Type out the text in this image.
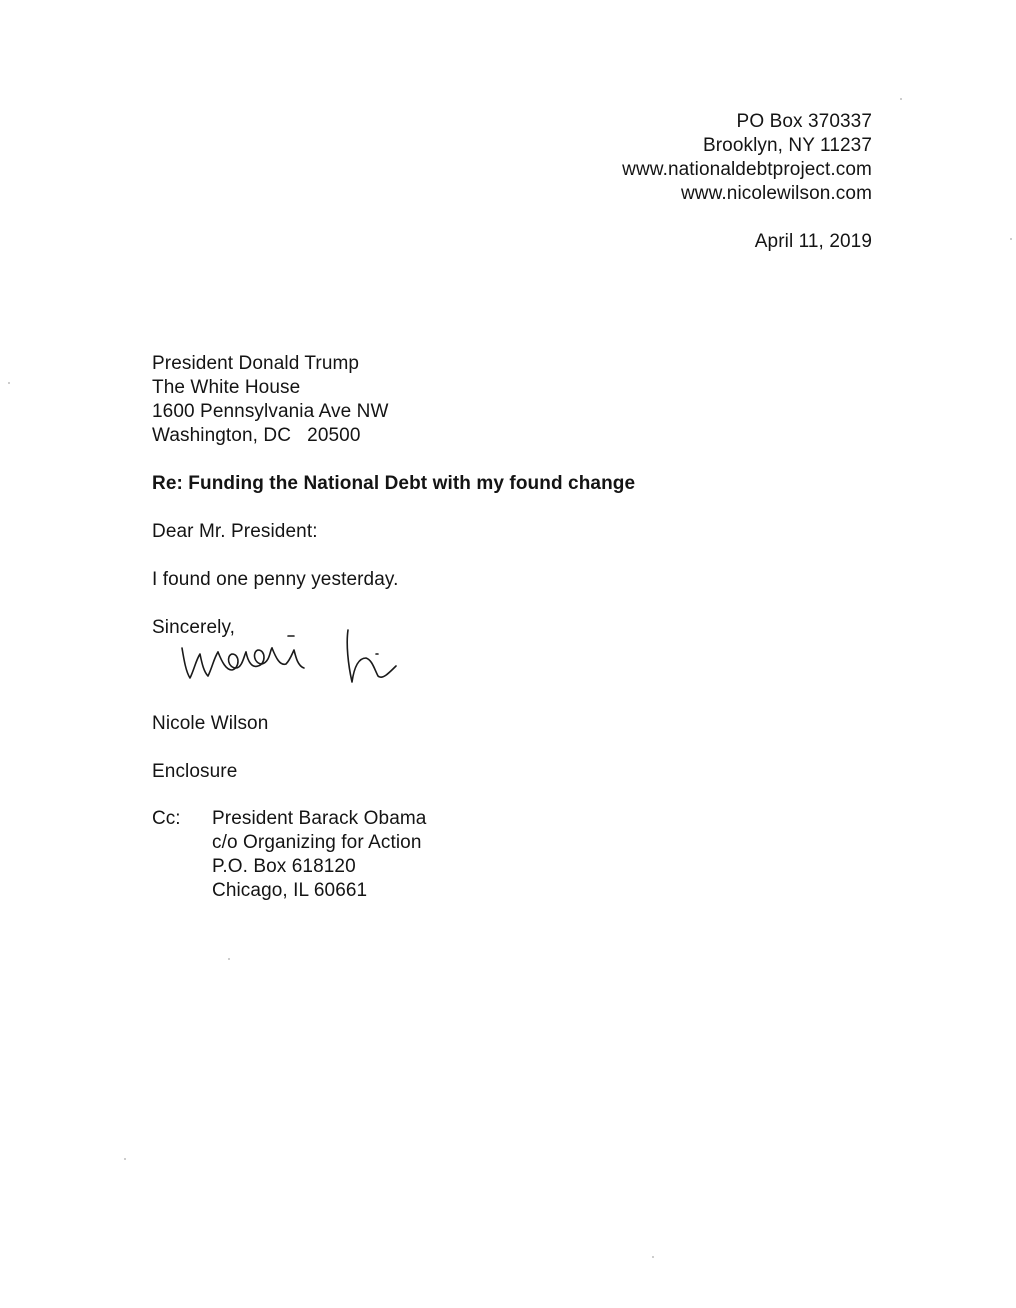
PO Box 370337
Brooklyn, NY 11237
www.nationaldebtproject.com
www.nicolewilson.com
April 11, 2019
President Donald Trump
The White House
1600 Pennsylvania Ave NW
Washington, DC   20500
Re: Funding the National Debt with my found change
Dear Mr. President:
I found one penny yesterday.
Sincerely,
Nicole Wilson
Enclosure
Cc:	President Barack Obama
c/o Organizing for Action
P.O. Box 618120
Chicago, IL 60661
